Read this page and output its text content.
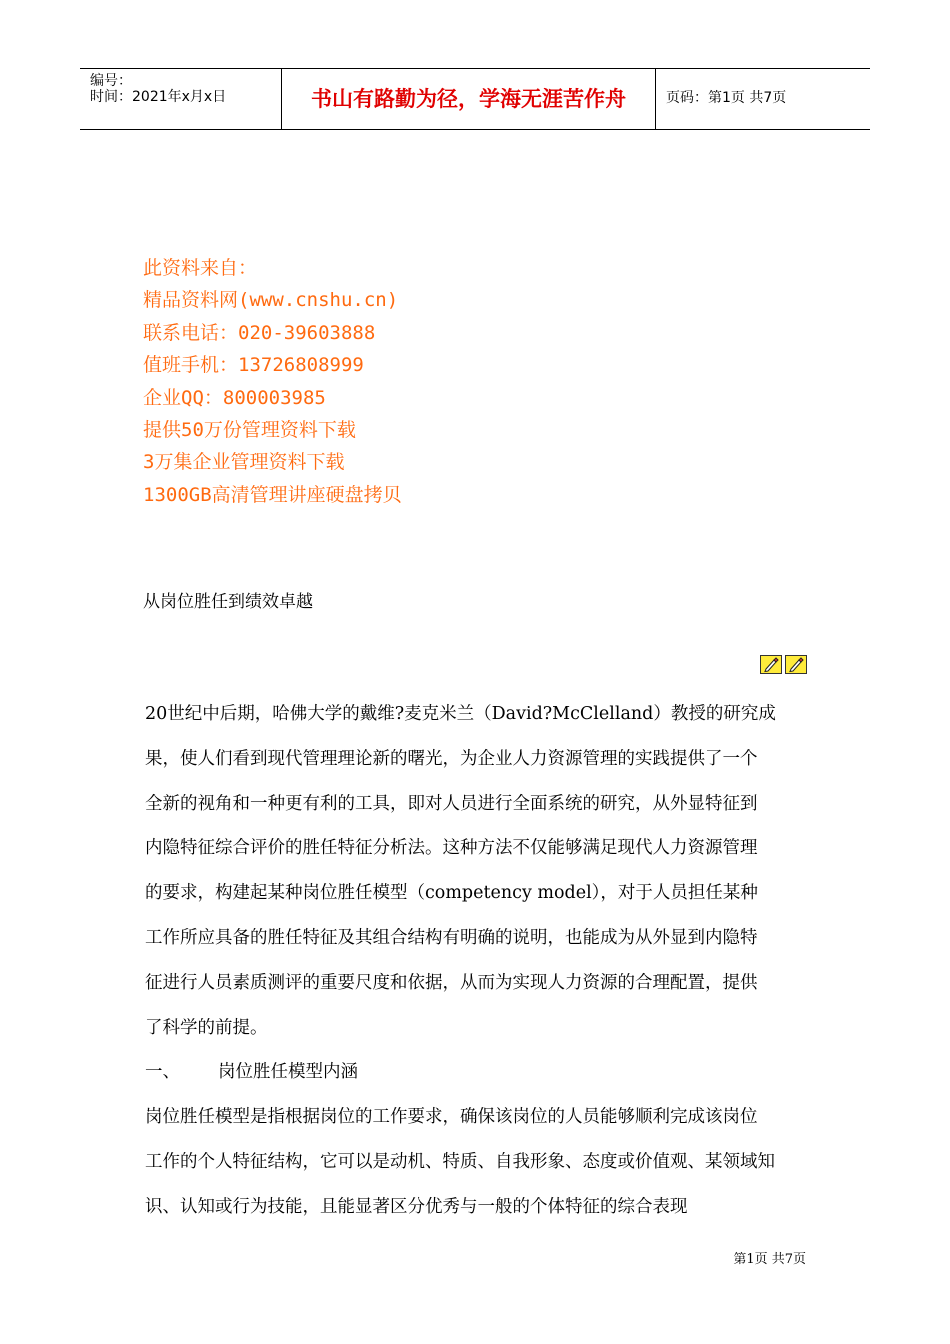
编号：
时间：2021年x月x日	书山有路勤为径，学海无涯苦作舟	页码：第1页 共7页
此资料来自：
精品资料网(www.cnshu.cn)
联系电话：020-39603888
值班手机：13726808999
企业QQ：800003985
提供50万份管理资料下载
3万集企业管理资料下载
1300GB高清管理讲座硬盘拷贝
从岗位胜任到绩效卓越
20世纪中后期，哈佛大学的戴维?麦克米兰（David?McClelland）教授的研究成
果，使人们看到现代管理理论新的曙光，为企业人力资源管理的实践提供了一个
全新的视角和一种更有利的工具，即对人员进行全面系统的研究，从外显特征到
内隐特征综合评价的胜任特征分析法。这种方法不仅能够满足现代人力资源管理
的要求，构建起某种岗位胜任模型（competency model），对于人员担任某种
工作所应具备的胜任特征及其组合结构有明确的说明，也能成为从外显到内隐特
征进行人员素质测评的重要尺度和依据，从而为实现人力资源的合理配置，提供
了科学的前提。
一、 岗位胜任模型内涵
岗位胜任模型是指根据岗位的工作要求，确保该岗位的人员能够顺利完成该岗位
工作的个人特征结构，它可以是动机、特质、自我形象、态度或价值观、某领域知
识、认知或行为技能，且能显著区分优秀与一般的个体特征的综合表现
第1页 共7页
